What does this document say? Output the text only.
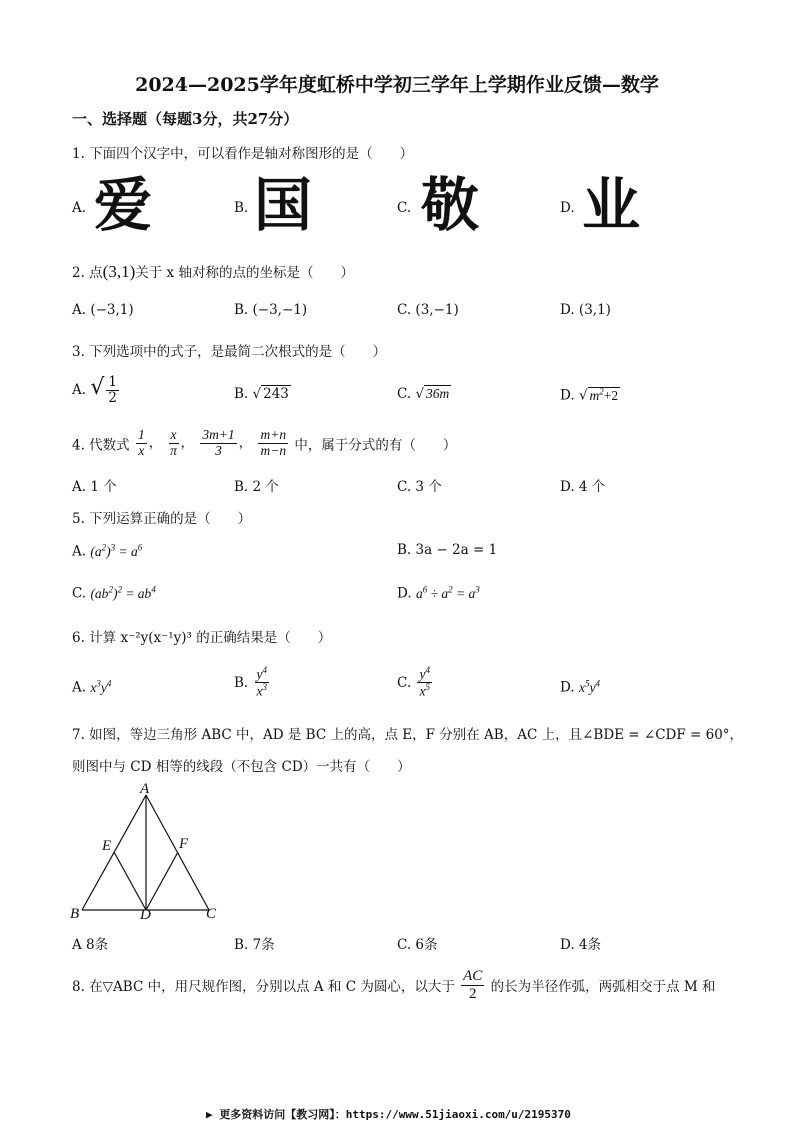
2024—2025学年度虹桥中学初三学年上学期作业反馈—数学
一、选择题（每题3分，共27分）
1. 下面四个汉字中，可以看作是轴对称图形的是（　　）
A. 爱	B. 国	C. 敬	D. 业
2. 点(3,1)关于 x 轴对称的点的坐标是（　　）
A. (−3,1)	B. (−3,−1)	C. (3,−1)	D. (3,1)
3. 下列选项中的式子，是最简二次根式的是（　　）
A. √ $\frac{1}{2}$	B. √ 243	C. √ 36m	D. √ $m^2+2$
4. 代数式 $\frac{1}{x}$ ， $\frac{x}{\pi}$ ， $\frac{3m+1}{3}$ ， $\frac{m+n}{m-n}$ 中，属于分式的有（　　）
A. 1 个	B. 2 个	C. 3 个	D. 4 个
5. 下列运算正确的是（　　）
A. $(a^2)^3 = a^6$	B. 3a − 2a = 1
C. $(ab^2)^2 = ab^4$	D. $a^6 \div a^2 = a^3$
6. 计算 x⁻²y(x⁻¹y)³ 的正确结果是（　　）
A. $x^3y^4$	B. $\frac{y^4}{x^3}$	C. $\frac{y^4}{x^5}$	D. $x^5y^4$
7. 如图，等边三角形 ABC 中，AD 是 BC 上的高，点 E，F 分别在 AB，AC 上，且∠BDE = ∠CDF = 60°，
则图中与 CD 相等的线段（不包含 CD）一共有（　　）
A
E	F
B	D	C
A 8条	B. 7条	C. 6条	D. 4条
8. 在▽ABC 中，用尺规作图，分别以点 A 和 C 为圆心，以大于 $\frac{AC}{2}$ 的长为半径作弧，两弧相交于点 M 和
▶ 更多资料访问【教习网】：https://www.51jiaoxi.com/u/2195370
